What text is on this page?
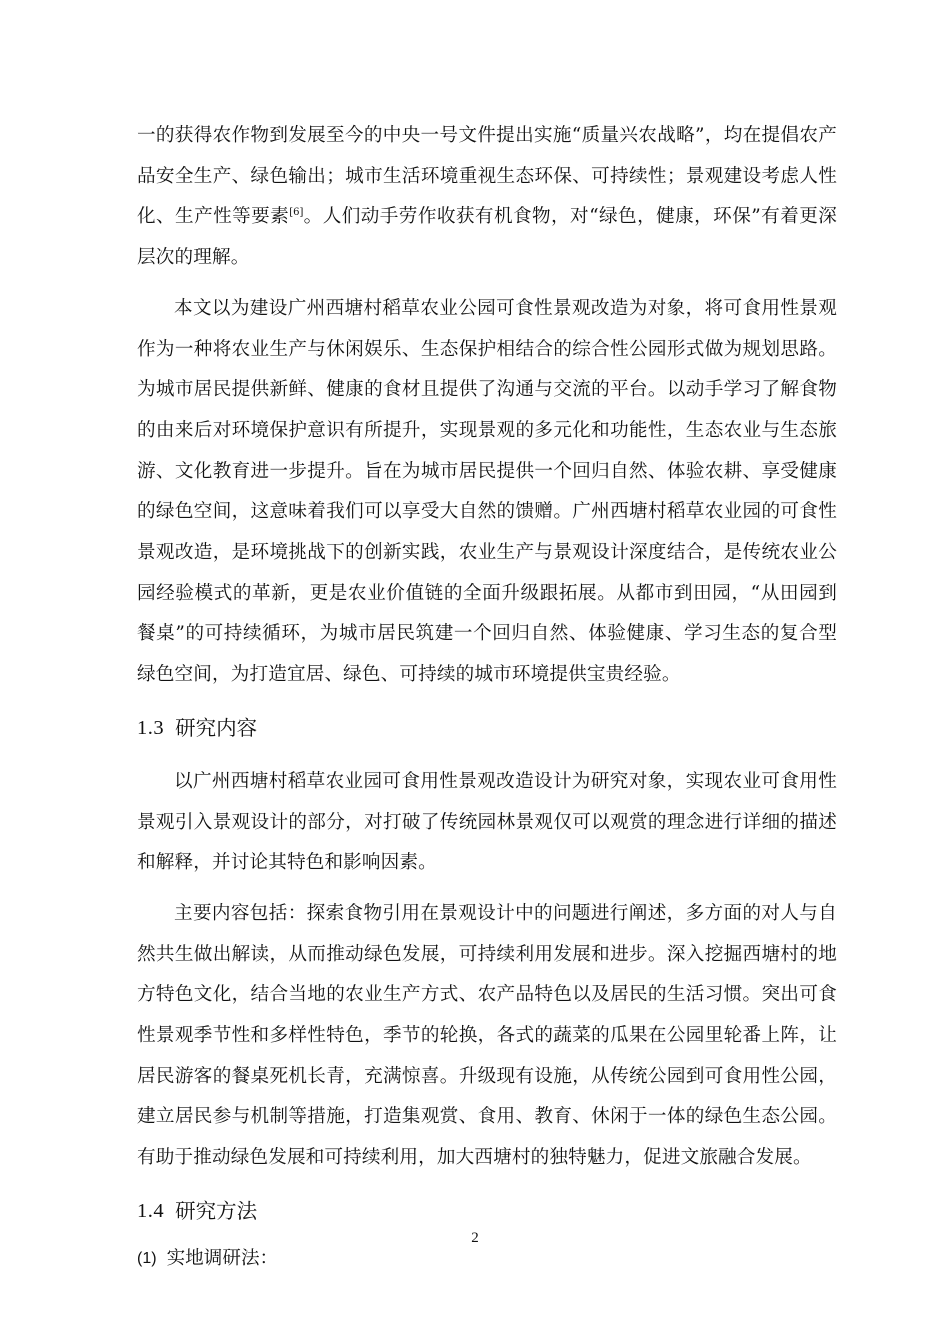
一的获得农作物到发展至今的中央一号文件提出实施“质量兴农战略”，均在提倡农产品安全生产、绿色输出；城市生活环境重视生态环保、可持续性；景观建设考虑人性化、生产性等要素[6]。人们动手劳作收获有机食物，对“绿色，健康，环保”有着更深层次的理解。

本文以为建设广州西塘村稻草农业公园可食性景观改造为对象，将可食用性景观作为一种将农业生产与休闲娱乐、生态保护相结合的综合性公园形式做为规划思路。为城市居民提供新鲜、健康的食材且提供了沟通与交流的平台。以动手学习了解食物的由来后对环境保护意识有所提升，实现景观的多元化和功能性，生态农业与生态旅游、文化教育进一步提升。旨在为城市居民提供一个回归自然、体验农耕、享受健康的绿色空间，这意味着我们可以享受大自然的馈赠。广州西塘村稻草农业园的可食性景观改造，是环境挑战下的创新实践，农业生产与景观设计深度结合，是传统农业公园经验模式的革新，更是农业价值链的全面升级跟拓展。从都市到田园，“从田园到餐桌”的可持续循环，为城市居民筑建一个回归自然、体验健康、学习生态的复合型绿色空间，为打造宜居、绿色、可持续的城市环境提供宝贵经验。

1.3 研究内容

以广州西塘村稻草农业园可食用性景观改造设计为研究对象，实现农业可食用性景观引入景观设计的部分，对打破了传统园林景观仅可以观赏的理念进行详细的描述和解释，并讨论其特色和影响因素。

主要内容包括：探索食物引用在景观设计中的问题进行阐述，多方面的对人与自然共生做出解读，从而推动绿色发展，可持续利用发展和进步。深入挖掘西塘村的地方特色文化，结合当地的农业生产方式、农产品特色以及居民的生活习惯。突出可食性景观季节性和多样性特色，季节的轮换，各式的蔬菜的瓜果在公园里轮番上阵，让居民游客的餐桌死机长青，充满惊喜。升级现有设施，从传统公园到可食用性公园，建立居民参与机制等措施，打造集观赏、食用、教育、休闲于一体的绿色生态公园。有助于推动绿色发展和可持续利用，加大西塘村的独特魅力，促进文旅融合发展。

1.4 研究方法
(1) 实地调研法：
2
